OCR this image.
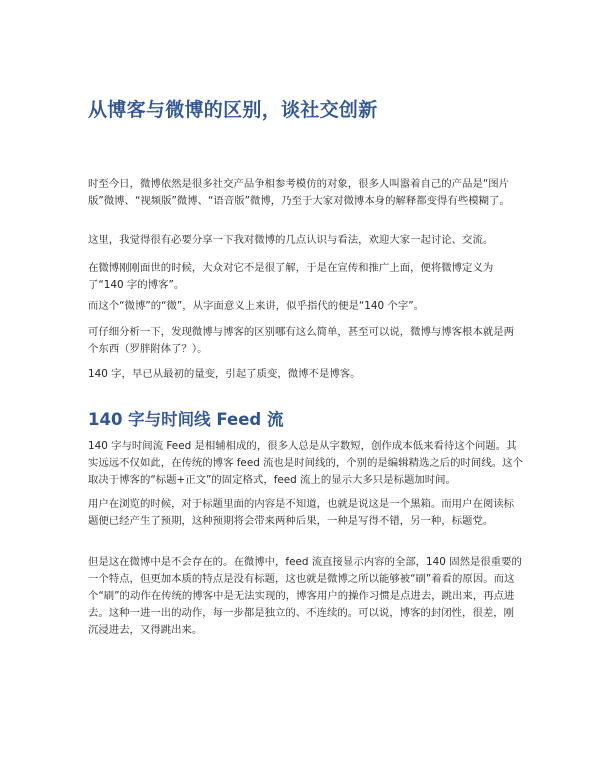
从博客与微博的区别，谈社交创新

时至今日，微博依然是很多社交产品争相参考模仿的对象，很多人叫嚣着自己的产品是“图片版”微博、“视频版”微博、“语音版”微博，乃至于大家对微博本身的解释都变得有些模糊了。

这里，我觉得很有必要分享一下我对微博的几点认识与看法，欢迎大家一起讨论、交流。

在微博刚刚面世的时候，大众对它不是很了解，于是在宣传和推广上面，便将微博定义为了“140 字的博客”。

而这个“微博”的“微”，从字面意义上来讲，似乎指代的便是“140 个字”。

可仔细分析一下，发现微博与博客的区别哪有这么简单，甚至可以说，微博与博客根本就是两个东西（罗胖附体了？）。

140 字，早已从最初的量变，引起了质变，微博不是博客。

140 字与时间线 Feed 流

140 字与时间流 Feed 是相辅相成的，很多人总是从字数短，创作成本低来看待这个问题。其实远远不仅如此，在传统的博客 feed 流也是时间线的，个别的是编辑精选之后的时间线。这个取决于博客的“标题+正文”的固定格式，feed 流上的显示大多只是标题加时间。

用户在浏览的时候，对于标题里面的内容是不知道，也就是说这是一个黑箱。而用户在阅读标题便已经产生了预期，这种预期将会带来两种后果，一种是写得不错，另一种，标题党。

但是这在微博中是不会存在的。在微博中，feed 流直接显示内容的全部，140 固然是很重要的一个特点，但更加本质的特点是没有标题，这也就是微博之所以能够被“刷”着看的原因。而这个“刷”的动作在传统的博客中是无法实现的，博客用户的操作习惯是点进去，跳出来，再点进去。这种一进一出的动作，每一步都是独立的、不连续的。可以说，博客的封闭性，很差，刚沉浸进去，又得跳出来。
